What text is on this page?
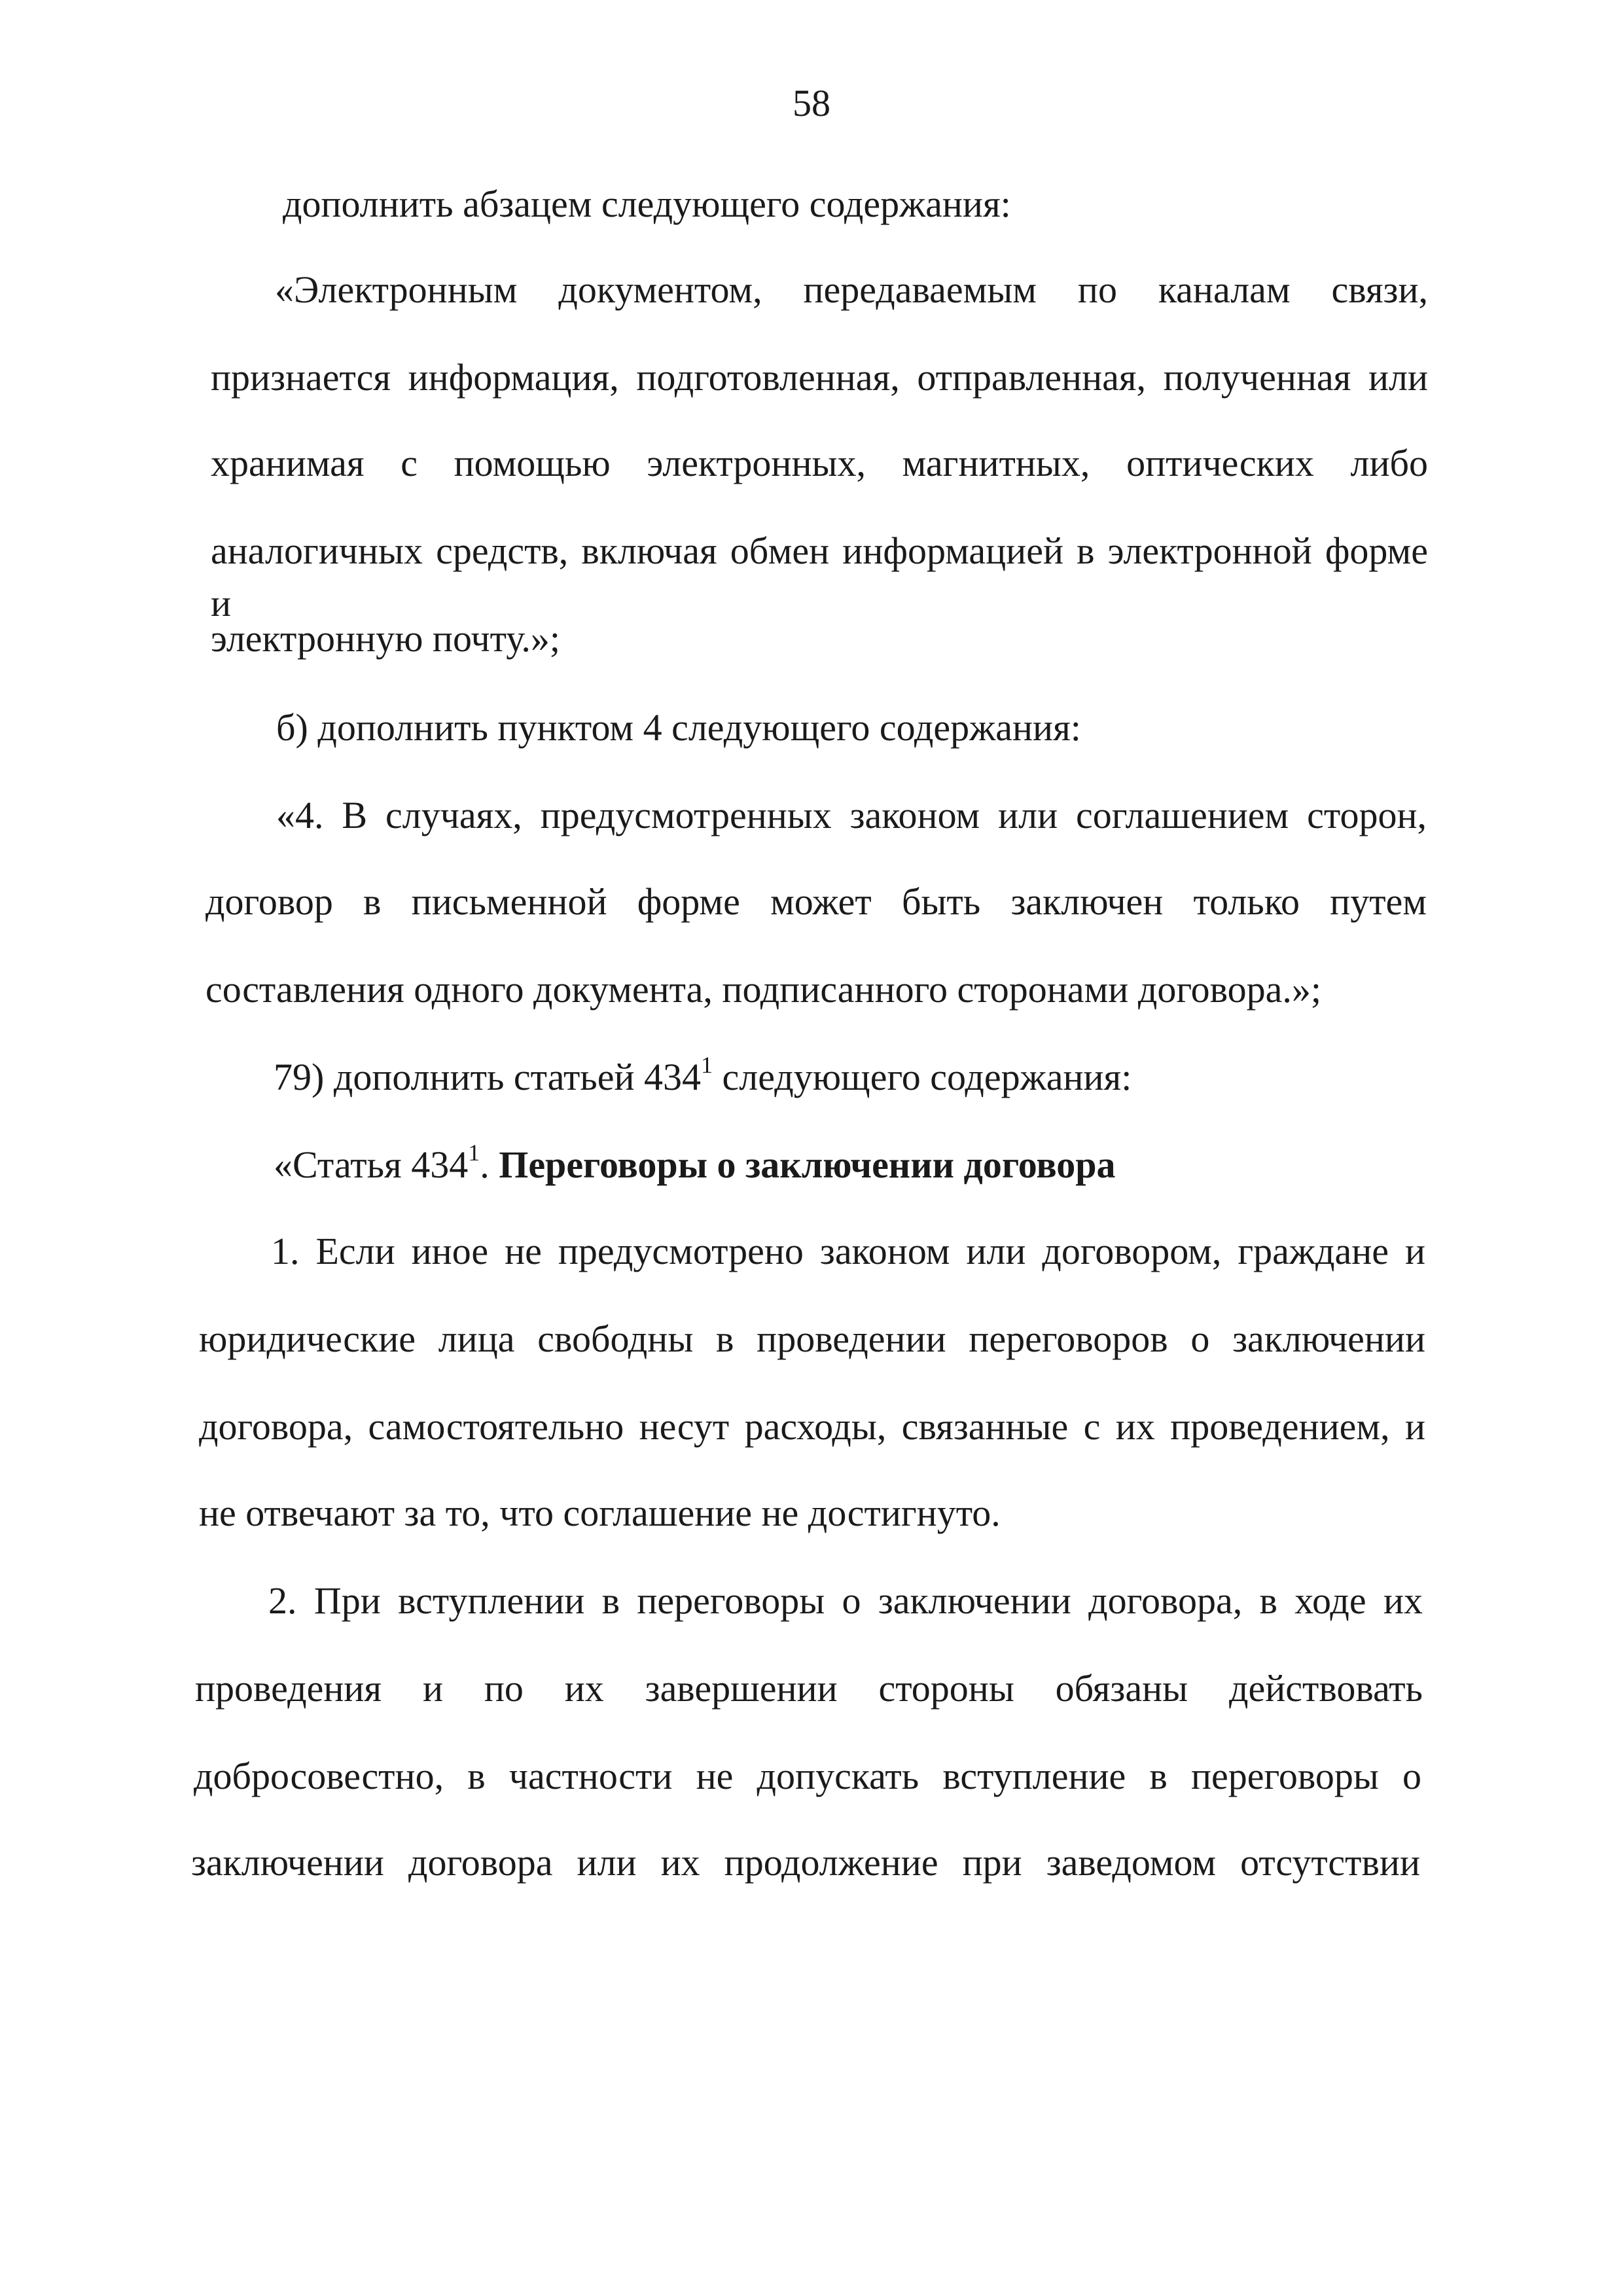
58
дополнить абзацем следующего содержания:
«Электронным документом, передаваемым по каналам связи,
признается информация, подготовленная, отправленная, полученная или
хранимая с помощью электронных, магнитных, оптических либо
аналогичных средств, включая обмен информацией в электронной форме и
электронную почту.»;
б) дополнить пунктом 4 следующего содержания:
«4. В случаях, предусмотренных законом или соглашением сторон,
договор в письменной форме может быть заключен только путем
составления одного документа, подписанного сторонами договора.»;
79) дополнить статьей $434^1$ следующего содержания:
«Статья $434^1$. Переговоры о заключении договора
1. Если иное не предусмотрено законом или договором, граждане и
юридические лица свободны в проведении переговоров о заключении
договора, самостоятельно несут расходы, связанные с их проведением, и
не отвечают за то, что соглашение не достигнуто.
2. При вступлении в переговоры о заключении договора, в ходе их
проведения и по их завершении стороны обязаны действовать
добросовестно, в частности не допускать вступление в переговоры о
заключении договора или их продолжение при заведомом отсутствии
